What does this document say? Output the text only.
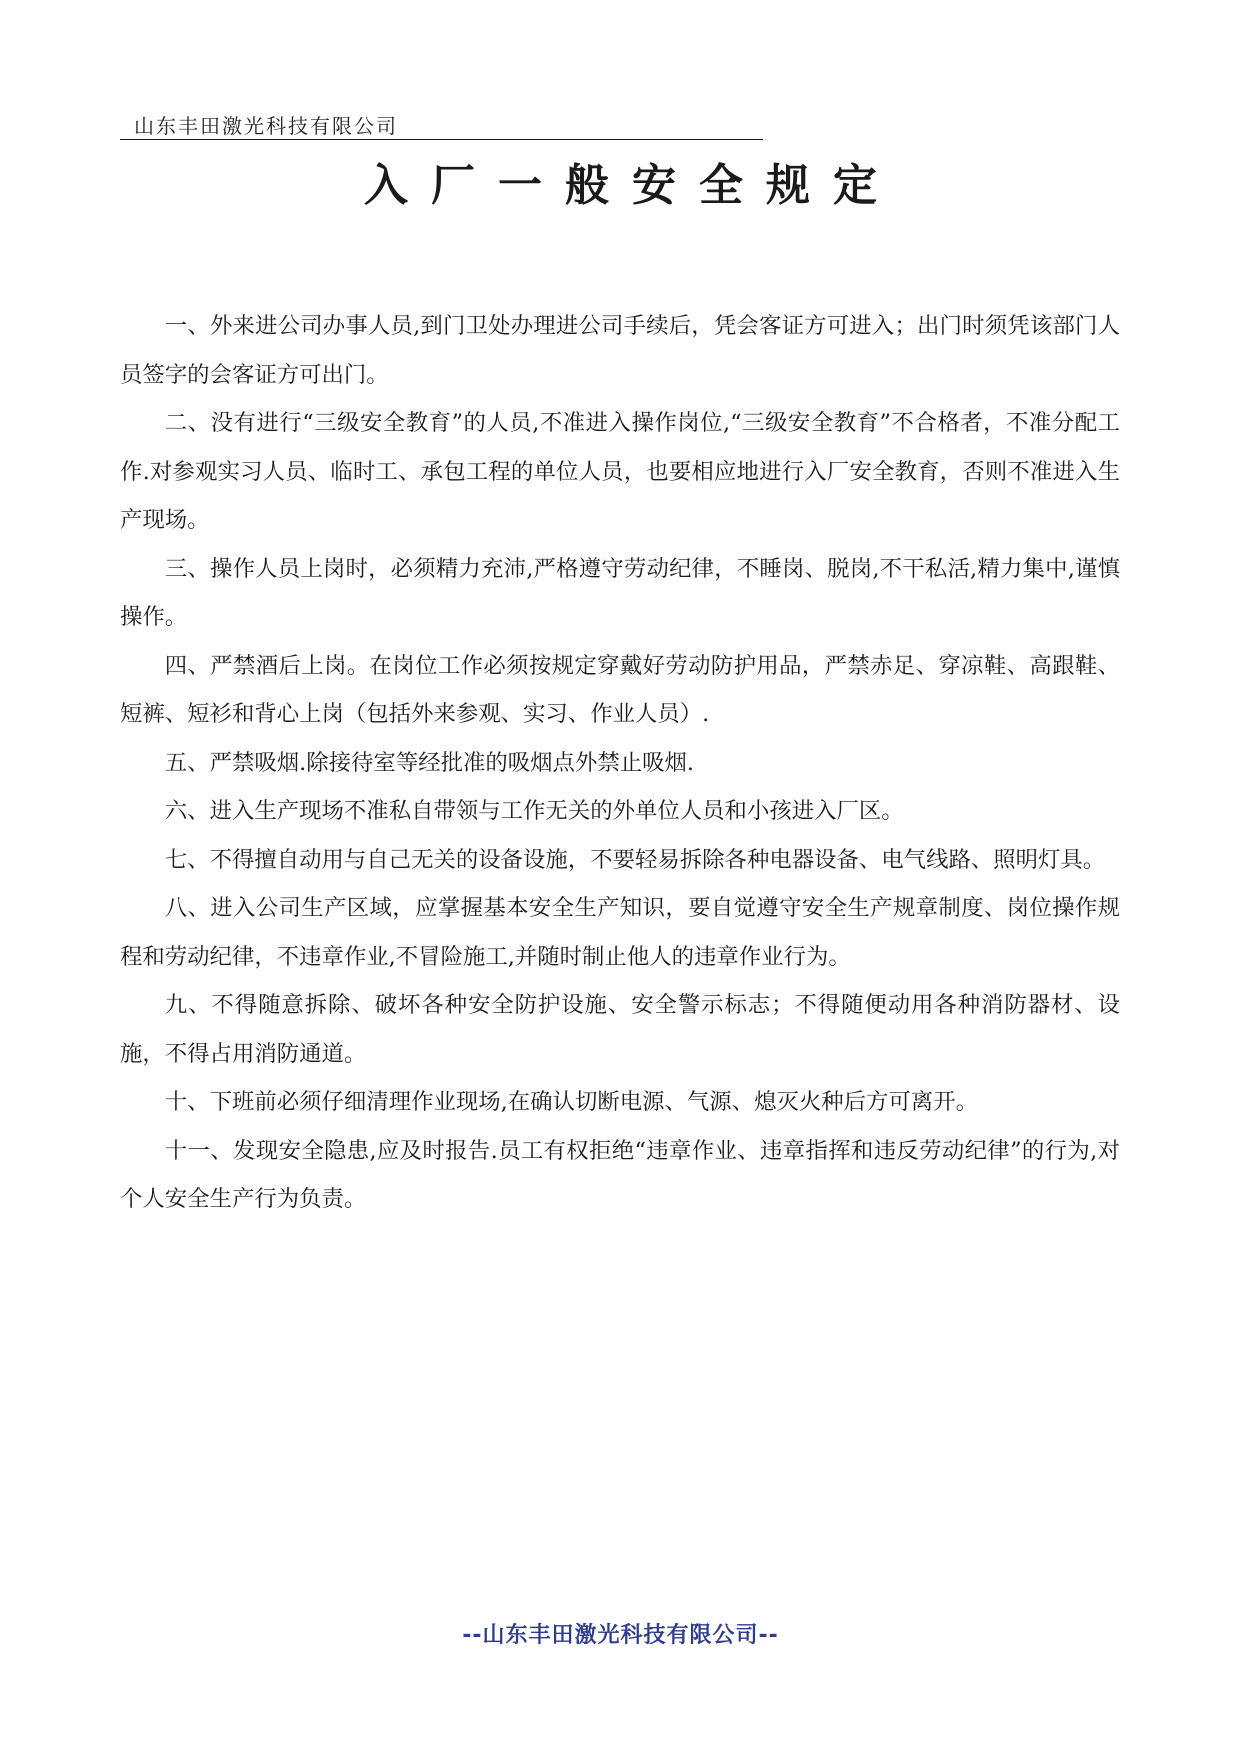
山东丰田激光科技有限公司
入厂一般安全规定

一、外来进公司办事人员,到门卫处办理进公司手续后，凭会客证方可进入；出门时须凭该部门人员签字的会客证方可出门。

二、没有进行“三级安全教育”的人员,不准进入操作岗位,“三级安全教育”不合格者，不准分配工作.对参观实习人员、临时工、承包工程的单位人员，也要相应地进行入厂安全教育，否则不准进入生产现场。

三、操作人员上岗时，必须精力充沛,严格遵守劳动纪律，不睡岗、脱岗,不干私活,精力集中,谨慎操作。

四、严禁酒后上岗。在岗位工作必须按规定穿戴好劳动防护用品，严禁赤足、穿凉鞋、高跟鞋、短裤、短衫和背心上岗（包括外来参观、实习、作业人员）.

五、严禁吸烟.除接待室等经批准的吸烟点外禁止吸烟.

六、进入生产现场不准私自带领与工作无关的外单位人员和小孩进入厂区。

七、不得擅自动用与自己无关的设备设施，不要轻易拆除各种电器设备、电气线路、照明灯具。

八、进入公司生产区域，应掌握基本安全生产知识，要自觉遵守安全生产规章制度、岗位操作规程和劳动纪律，不违章作业,不冒险施工,并随时制止他人的违章作业行为。

九、不得随意拆除、破坏各种安全防护设施、安全警示标志；不得随便动用各种消防器材、设施，不得占用消防通道。

十、下班前必须仔细清理作业现场,在确认切断电源、气源、熄灭火种后方可离开。

十一、发现安全隐患,应及时报告.员工有权拒绝“违章作业、违章指挥和违反劳动纪律”的行为,对个人安全生产行为负责。

--山东丰田激光科技有限公司--
